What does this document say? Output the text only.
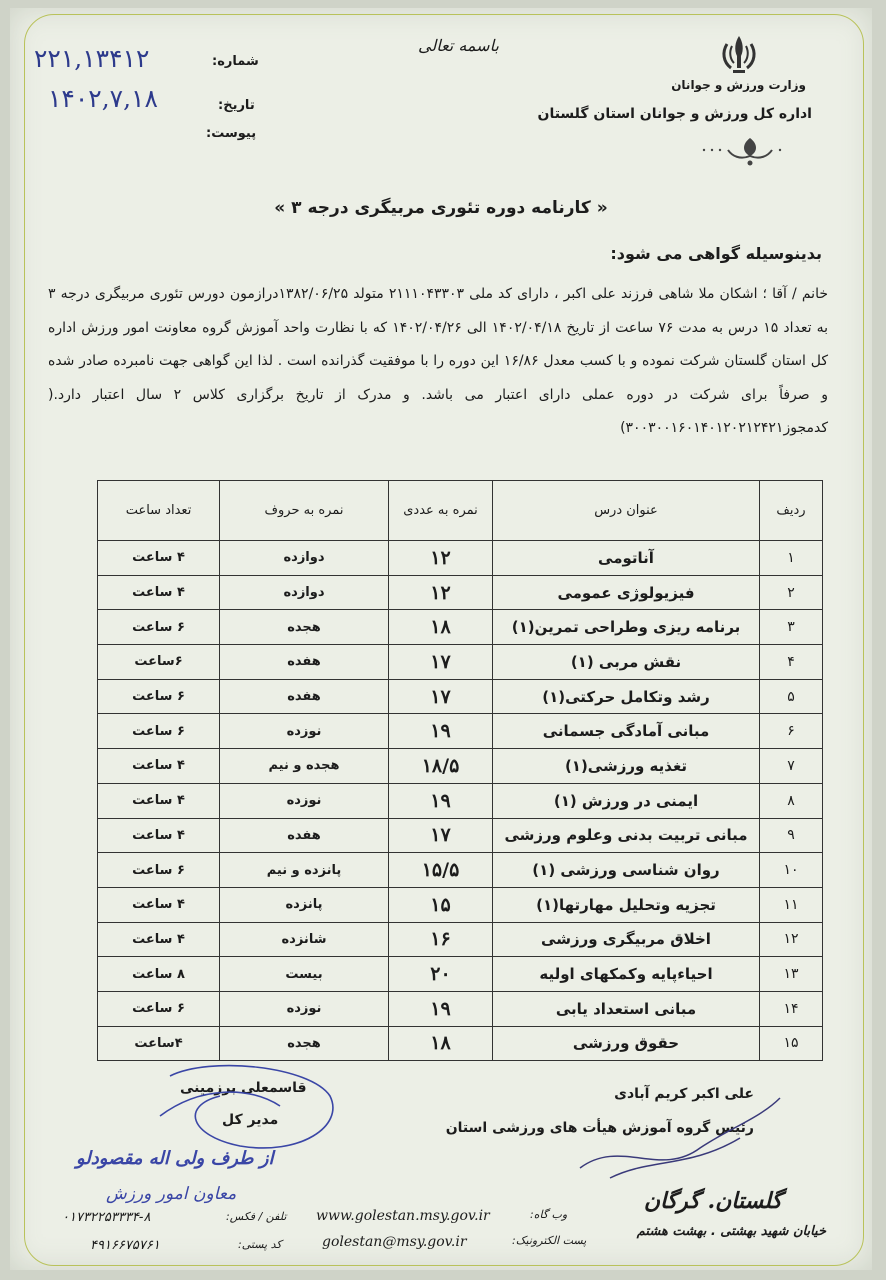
وزارت ورزش و جوانان
اداره کل ورزش و جوانان استان گلستان
باسمه تعالی
شماره:
۲۲۱,۱۳۴۱۲
تاریخ:
۱۴۰۲,۷,۱۸
پیوست:
« کارنامه دوره تئوری مربیگری درجه ۳ »
بدینوسیله گواهی می شود:
خانم / آقا ؛ اشکان ملا شاهی فرزند علی اکبر ، دارای کد ملی ۲۱۱۱۰۴۳۳۰۳ متولد ۱۳۸۲/۰۶/۲۵درازمون دورس تئوری مربیگری درجه ۳ به تعداد ۱۵ درس به مدت ۷۶ ساعت از تاریخ ۱۴۰۲/۰۴/۱۸ الی ۱۴۰۲/۰۴/۲۶ که با نظارت واحد آموزش گروه معاونت امور ورزش اداره کل استان گلستان شرکت نموده و با کسب معدل ۱۶/۸۶ این دوره را با موفقیت گذرانده است . لذا این گواهی جهت نامبرده صادر شده و صرفاً برای شرکت در دوره عملی دارای اعتبار می باشد. و مدرک از تاریخ برگزاری کلاس ۲ سال اعتبار دارد.( کدمجوز۳۰۰۳۰۰۱۶۰۱۴۰۱۲۰۲۱۲۴۲۱)
ردیف	عنوان درس	نمره به عددی	نمره به حروف	تعداد ساعت
۱	آناتومی	۱۲	دوازده	۴ ساعت
۲	فیزیولوژی عمومی	۱۲	دوازده	۴ ساعت
۳	برنامه ریزی وطراحی تمرین(۱)	۱۸	هجده	۶ ساعت
۴	نقش مربی (۱)	۱۷	هفده	۶ساعت
۵	رشد وتکامل حرکتی(۱)	۱۷	هفده	۶ ساعت
۶	مبانی آمادگی جسمانی	۱۹	نوزده	۶ ساعت
۷	تغذیه ورزشی(۱)	۱۸/۵	هجده و نیم	۴ ساعت
۸	ایمنی در ورزش (۱)	۱۹	نوزده	۴ ساعت
۹	مبانی تربیت بدنی وعلوم ورزشی	۱۷	هفده	۴ ساعت
۱۰	روان شناسی ورزشی (۱)	۱۵/۵	پانزده و نیم	۶ ساعت
۱۱	تجزیه وتحلیل مهارتها(۱)	۱۵	پانزده	۴ ساعت
۱۲	اخلاق مربیگری ورزشی	۱۶	شانزده	۴ ساعت
۱۳	احیاءپایه وکمکهای اولیه	۲۰	بیست	۸ ساعت
۱۴	مبانی استعداد یابی	۱۹	نوزده	۶ ساعت
۱۵	حقوق ورزشی	۱۸	هجده	۴ساعت
علی اکبر کریم آبادی
رئیس گروه آموزش هیأت های ورزشی استان
قاسمعلی برزمینی
مدیر کل
از طرف ولی اله مقصودلو
معاون امور ورزش
تلفن / فکس:
۰۱۷۳۲۲۵۳۳۳۴-۸
کد پستی:
۴۹۱۶۶۷۵۷۶۱
وب گاه:
www.golestan.msy.gov.ir
پست الکترونیک:
golestan@msy.gov.ir
گلستان. گرگان
خیابان شهید بهشتی . بهشت هشتم
